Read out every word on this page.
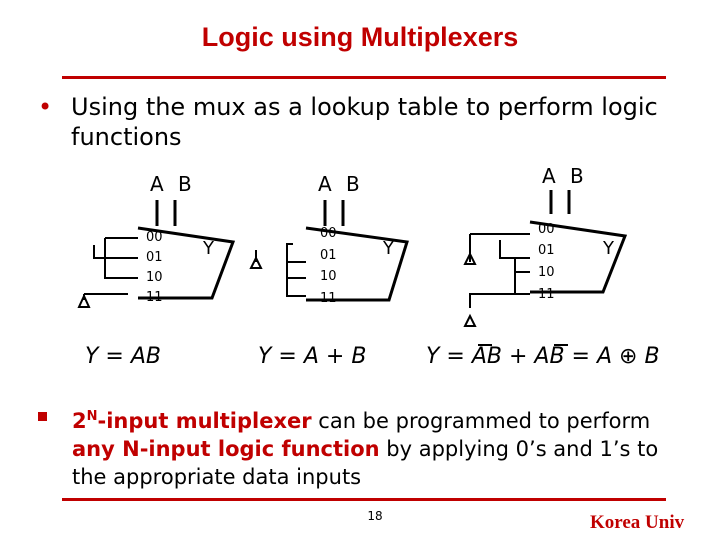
Logic using Multiplexers
• Using the mux as a lookup table to perform logic functions
A B
00
01
10
11
Y
A B
00
01
10
11
Y
A B
00
01
10
11
Y
Y = AB	Y = A + B	Y = AB + AB = A ⊕ B
$2^N$-input multiplexer can be programmed to perform any N-input logic function by applying 0’s and 1’s to the appropriate data inputs
18	Korea Univ
